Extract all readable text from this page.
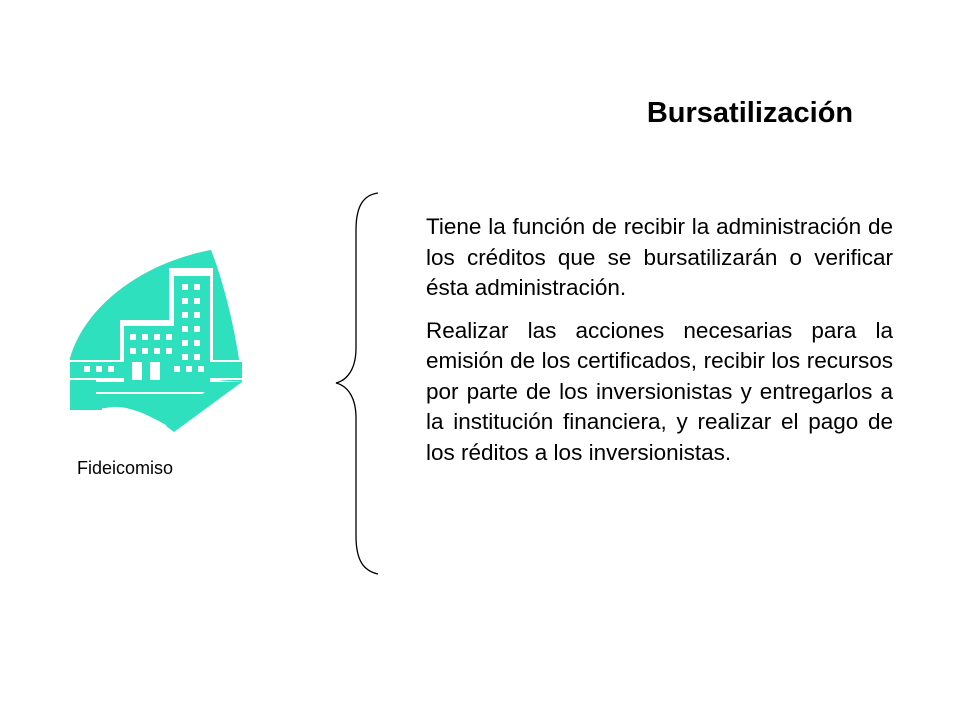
Bursatilización
Fideicomiso

Tiene la función de recibir la administración de los créditos que se bursatilizarán o verificar ésta administración.

Realizar las acciones necesarias para la emisión de los certificados, recibir los recursos por parte de los inversionistas y entregarlos a la institución financiera, y realizar el pago de los réditos a los inversionistas.
